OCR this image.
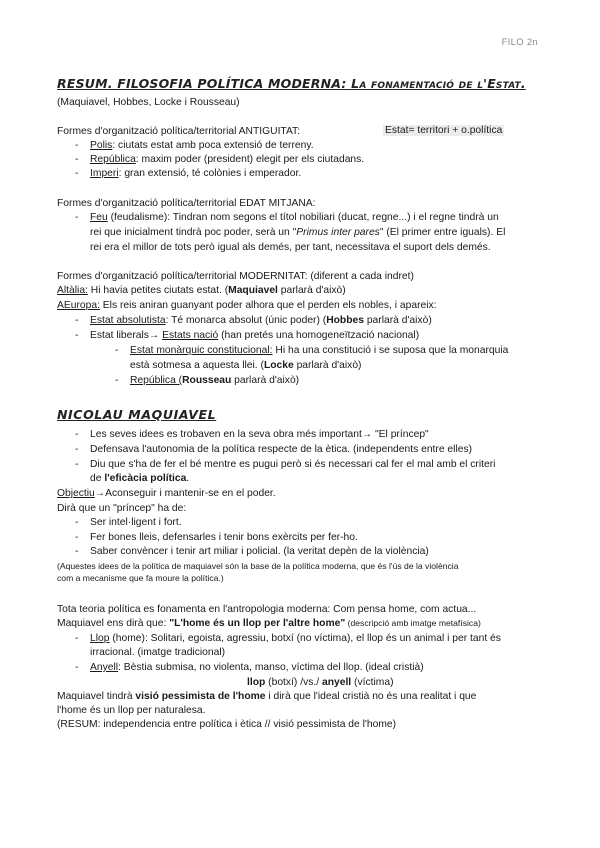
FILO 2n
RESUM. FILOSOFIA POLÍTICA MODERNA: La fonamentació de l'Estat.
(Maquiavel, Hobbes, Locke i Rousseau)
Formes d'organització política/territorial ANTIGUITAT:	Estat= territori + o.política
- Polis: ciutats estat amb poca extensió de terreny.
- República: maxim poder (president) elegit per els ciutadans.
- Imperi: gran extensió, té colònies i emperador.
Formes d'organització política/territorial EDAT MITJANA:
- Feu (feudalisme): Tindran nom segons el títol nobiliari (ducat, regne...) i el regne tindrà un
rei que inicialment tindrà poc poder, serà un "Primus inter pares" (El primer entre iguals). El
rei era el millor de tots però igual als demés, per tant, necessitava el suport dels demés.
Formes d'organització política/territorial MODERNITAT: (diferent a cada indret)
Altàlia: Hi havia petites ciutats estat. (Maquiavel parlarà d'això)
AEuropa: Els reis aniran guanyant poder alhora que el perden els nobles, i apareix:
- Estat absolutista: Té monarca absolut (únic poder) (Hobbes parlarà d'això)
- Estat liberals→ Estats nació (han pretés una homogeneïtzació nacional)
- Estat monàrquic constitucional: Hi ha una constitució i se suposa que la monarquia
està sotmesa a aquesta llei. (Locke parlarà d'això)
- República (Rousseau parlarà d'això)
NICOLAU MAQUIAVEL
- Les seves idees es trobaven en la seva obra més important→ "El príncep"
- Defensava l'autonomia de la política respecte de la ètica. (independents entre elles)
- Diu que s'ha de fer el bé mentre es pugui però si és necessari cal fer el mal amb el criteri
de l'eficàcia política.
Objectiu→Aconseguir i mantenir-se en el poder.
Dirà que un "príncep" ha de:
- Ser intel·ligent i fort.
- Fer bones lleis, defensarles i tenir bons exèrcits per fer-ho.
- Saber convèncer i tenir art miliar i policial. (la veritat depèn de la violència)
(Aquestes idees de la política de maquiavel són la base de la política moderna, que és l'ús de la violència
com a mecanisme que fa moure la política.)
Tota teoria política es fonamenta en l'antropologia moderna: Com pensa home, com actua...
Maquiavel ens dirà que: "L'home és un llop per l'altre home" (descripció amb imatge metafísica)
- Llop (home): Solitari, egoista, agressiu, botxí (no víctima), el llop és un animal i per tant és
irracional. (imatge tradicional)
- Anyell: Bèstia submisa, no violenta, manso, víctima del llop. (ideal cristià)
llop (botxí) /vs./ anyell (víctima)
Maquiavel tindrà visió pessimista de l'home i dirà que l'ideal cristià no és una realitat i que
l'home és un llop per naturalesa.
(RESUM: independencia entre política i ètica // visió pessimista de l'home)
